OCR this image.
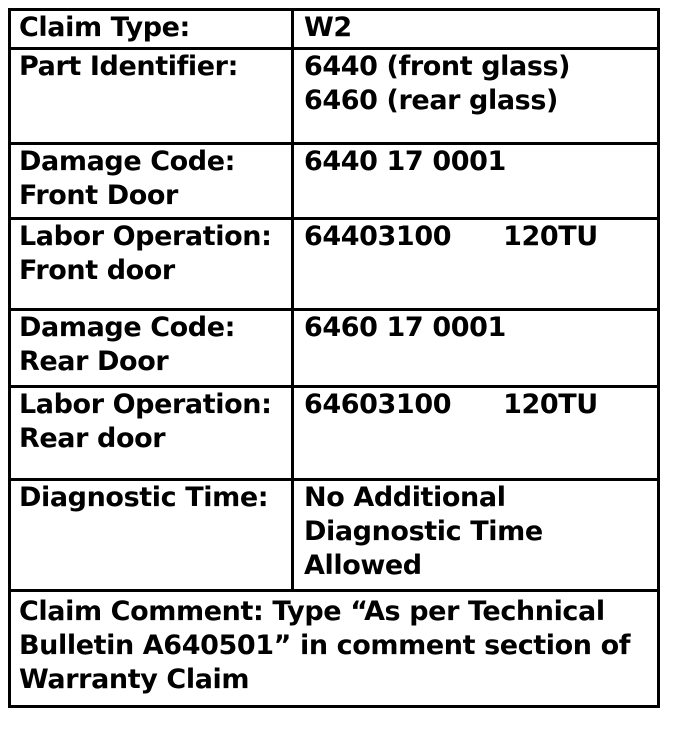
Claim Type:	W2

Part Identifier:	6440 (front glass)
6460 (rear glass)

Damage Code:
Front Door	6440 17 0001

Labor Operation:
Front door	64403100 120TU

Damage Code:
Rear Door	6460 17 0001

Labor Operation:
Rear door	64603100 120TU

Diagnostic Time:	No Additional
Diagnostic Time
Allowed

Claim Comment: Type “As per Technical
Bulletin A640501” in comment section of
Warranty Claim	
